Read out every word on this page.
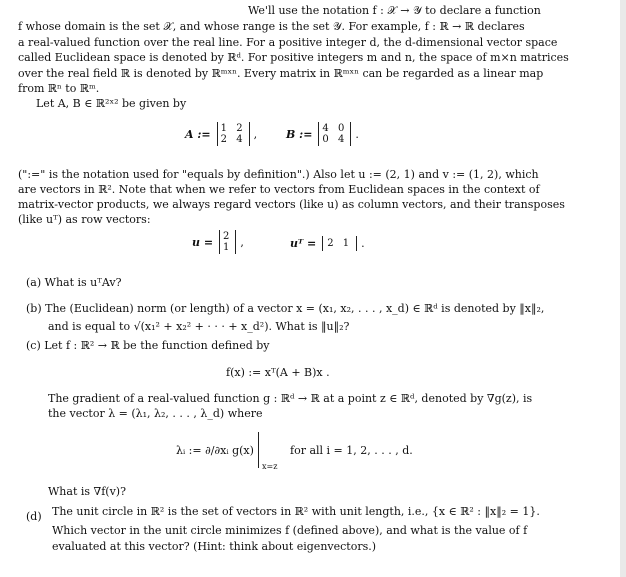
We'll use the notation f : 𝒳 → 𝒴 to declare a function
f whose domain is the set 𝒳, and whose range is the set 𝒴. For example, f : ℝ → ℝ declares
a real-valued function over the real line. For a positive integer d, the d-dimensional vector space
called Euclidean space is denoted by ℝᵈ. For positive integers m and n, the space of m×n matrices
over the real field ℝ is denoted by ℝᵐˣⁿ. Every matrix in ℝᵐˣⁿ can be regarded as a linear map
from ℝⁿ to ℝᵐ.
Let A, B ∈ ℝ²ˣ² be given by
A := 1 2
2 4 ,	B := 4 0
0 4 .
(":=" is the notation used for "equals by definition".) Also let u := (2, 1) and v := (1, 2), which
are vectors in ℝ². Note that when we refer to vectors from Euclidean spaces in the context of
matrix-vector products, we always regard vectors (like u) as column vectors, and their transposes
(like uᵀ) as row vectors:
u = 2
1 ,	uᵀ = 2 1 .
(a) What is uᵀAv?
(b) The (Euclidean) norm (or length) of a vector x = (x₁, x₂, . . . , x_d) ∈ ℝᵈ is denoted by ‖x‖₂,
and is equal to √(x₁² + x₂² + · · · + x_d²). What is ‖u‖₂?
(c) Let f : ℝ² → ℝ be the function defined by
f(x) := xᵀ(A + B)x .
The gradient of a real-valued function g : ℝᵈ → ℝ at a point z ∈ ℝᵈ, denoted by ∇g(z), is
the vector λ = (λ₁, λ₂, . . . , λ_d) where
λᵢ := ∂/∂xᵢ g(x)
x=z
for all i = 1, 2, . . . , d.
What is ∇f(v)?
(d) The unit circle in ℝ² is the set of vectors in ℝ² with unit length, i.e., {x ∈ ℝ² : ‖x‖₂ = 1}.
Which vector in the unit circle minimizes f (defined above), and what is the value of f
evaluated at this vector? (Hint: think about eigenvectors.)
